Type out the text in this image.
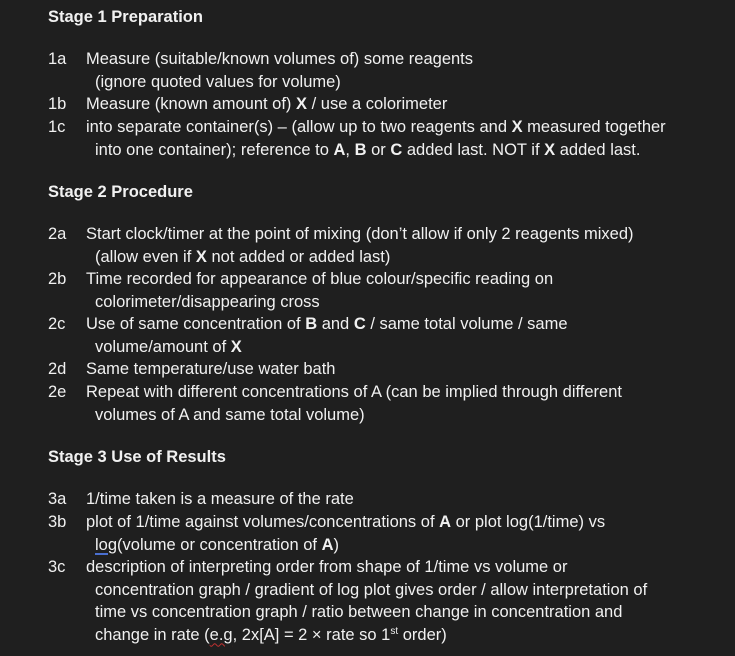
Stage 1 Preparation
1a Measure (suitable/known volumes of) some reagents
(ignore quoted values for volume)
1b Measure (known amount of) X / use a colorimeter
1c into separate container(s) – (allow up to two reagents and X measured together
into one container); reference to A, B or C added last. NOT if X added last.
Stage 2 Procedure
2a Start clock/timer at the point of mixing (don’t allow if only 2 reagents mixed)
(allow even if X not added or added last)
2b Time recorded for appearance of blue colour/specific reading on
colorimeter/disappearing cross
2c Use of same concentration of B and C / same total volume / same
volume/amount of X
2d Same temperature/use water bath
2e Repeat with different concentrations of A (can be implied through different
volumes of A and same total volume)
Stage 3 Use of Results
3a 1/time taken is a measure of the rate
3b plot of 1/time against volumes/concentrations of A or plot log(1/time) vs
log(volume or concentration of A)
3c description of interpreting order from shape of 1/time vs volume or
concentration graph / gradient of log plot gives order / allow interpretation of
time vs concentration graph / ratio between change in concentration and
change in rate (e.g, 2x[A] = 2 × rate so 1st order)
